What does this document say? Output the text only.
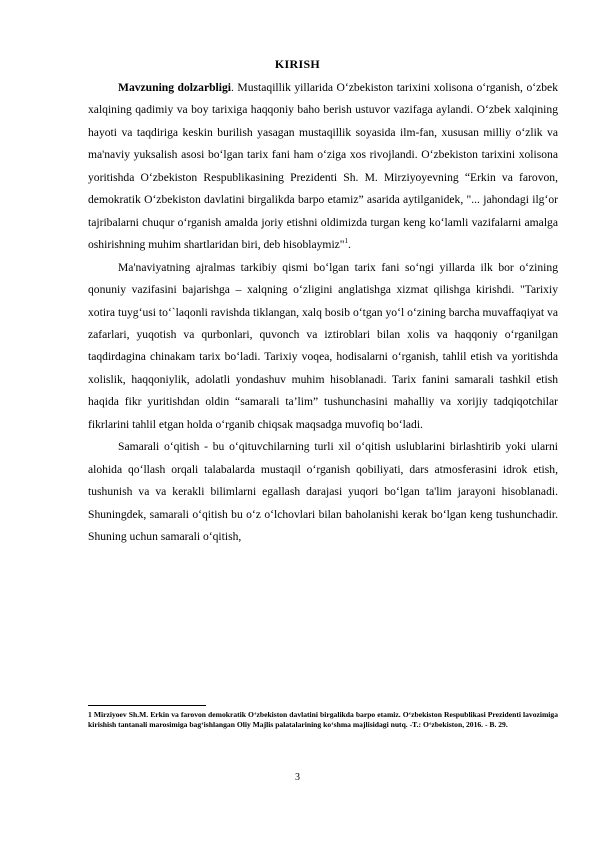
KIRISH

Mavzuning dolzarbligi. Mustaqillik yillarida O‘zbekiston tarixini xolisona o‘rganish, o‘zbek xalqining qadimiy va boy tarixiga haqqoniy baho berish ustuvor vazifaga aylandi. O‘zbek xalqining hayoti va taqdiriga keskin burilish yasagan mustaqillik soyasida ilm-fan, xususan milliy o‘zlik va ma'naviy yuksalish asosi bo‘lgan tarix fani ham o‘ziga xos rivojlandi. O‘zbekiston tarixini xolisona yoritishda O‘zbekiston Respublikasining Prezidenti Sh. M. Mirziyoyevning “Erkin va farovon, demokratik O‘zbekiston davlatini birgalikda barpo etamiz” asarida aytilganidek, "... jahondagi ilg‘or tajribalarni chuqur o‘rganish amalda joriy etishni oldimizda turgan keng ko‘lamli vazifalarni amalga oshirishning muhim shartlaridan biri, deb hisoblaymiz"$^1$.

Ma'naviyatning ajralmas tarkibiy qismi bo‘lgan tarix fani so‘ngi yillarda ilk bor o‘zining qonuniy vazifasini bajarishga – xalqning o‘zligini anglatishga xizmat qilishga kirishdi. "Tarixiy xotira tuyg‘usi to‘`laqonli ravishda tiklangan, xalq bosib o‘tgan yo‘l o‘zining barcha muvaffaqiyat va zafarlari, yuqotish va qurbonlari, quvonch va iztiroblari bilan xolis va haqqoniy o‘rganilgan taqdirdagina chinakam tarix bo‘ladi. Tarixiy voqea, hodisalarni o‘rganish, tahlil etish va yoritishda xolislik, haqqoniylik, adolatli yondashuv muhim hisoblanadi. Tarix fanini samarali tashkil etish haqida fikr yuritishdan oldin “samarali ta’lim” tushunchasini mahalliy va xorijiy tadqiqotchilar fikrlarini tahlil etgan holda o‘rganib chiqsak maqsadga muvofiq bo‘ladi.

Samarali o‘qitish - bu o‘qituvchilarning turli xil o‘qitish uslublarini birlashtirib yoki ularni alohida qo‘llash orqali talabalarda mustaqil o‘rganish qobiliyati, dars atmosferasini idrok etish, tushunish va va kerakli bilimlarni egallash darajasi yuqori bo‘lgan ta'lim jarayoni hisoblanadi. Shuningdek, samarali o‘qitish bu o‘z o‘lchovlari bilan baholanishi kerak bo‘lgan keng tushunchadir. Shuning uchun samarali o‘qitish,

1 Mirziyoev Sh.M. Erkin va farovon demokratik O‘zbekiston davlatini birgalikda barpo etamiz. O‘zbekiston Respublikasi Prezidenti lavozimiga kirishish tantanali marosimiga bag‘ishlangan Oliy Majlis palatalarining ko‘shma majlisidagi nutq. -T.: O‘zbekiston, 2016. - B. 29.
3
